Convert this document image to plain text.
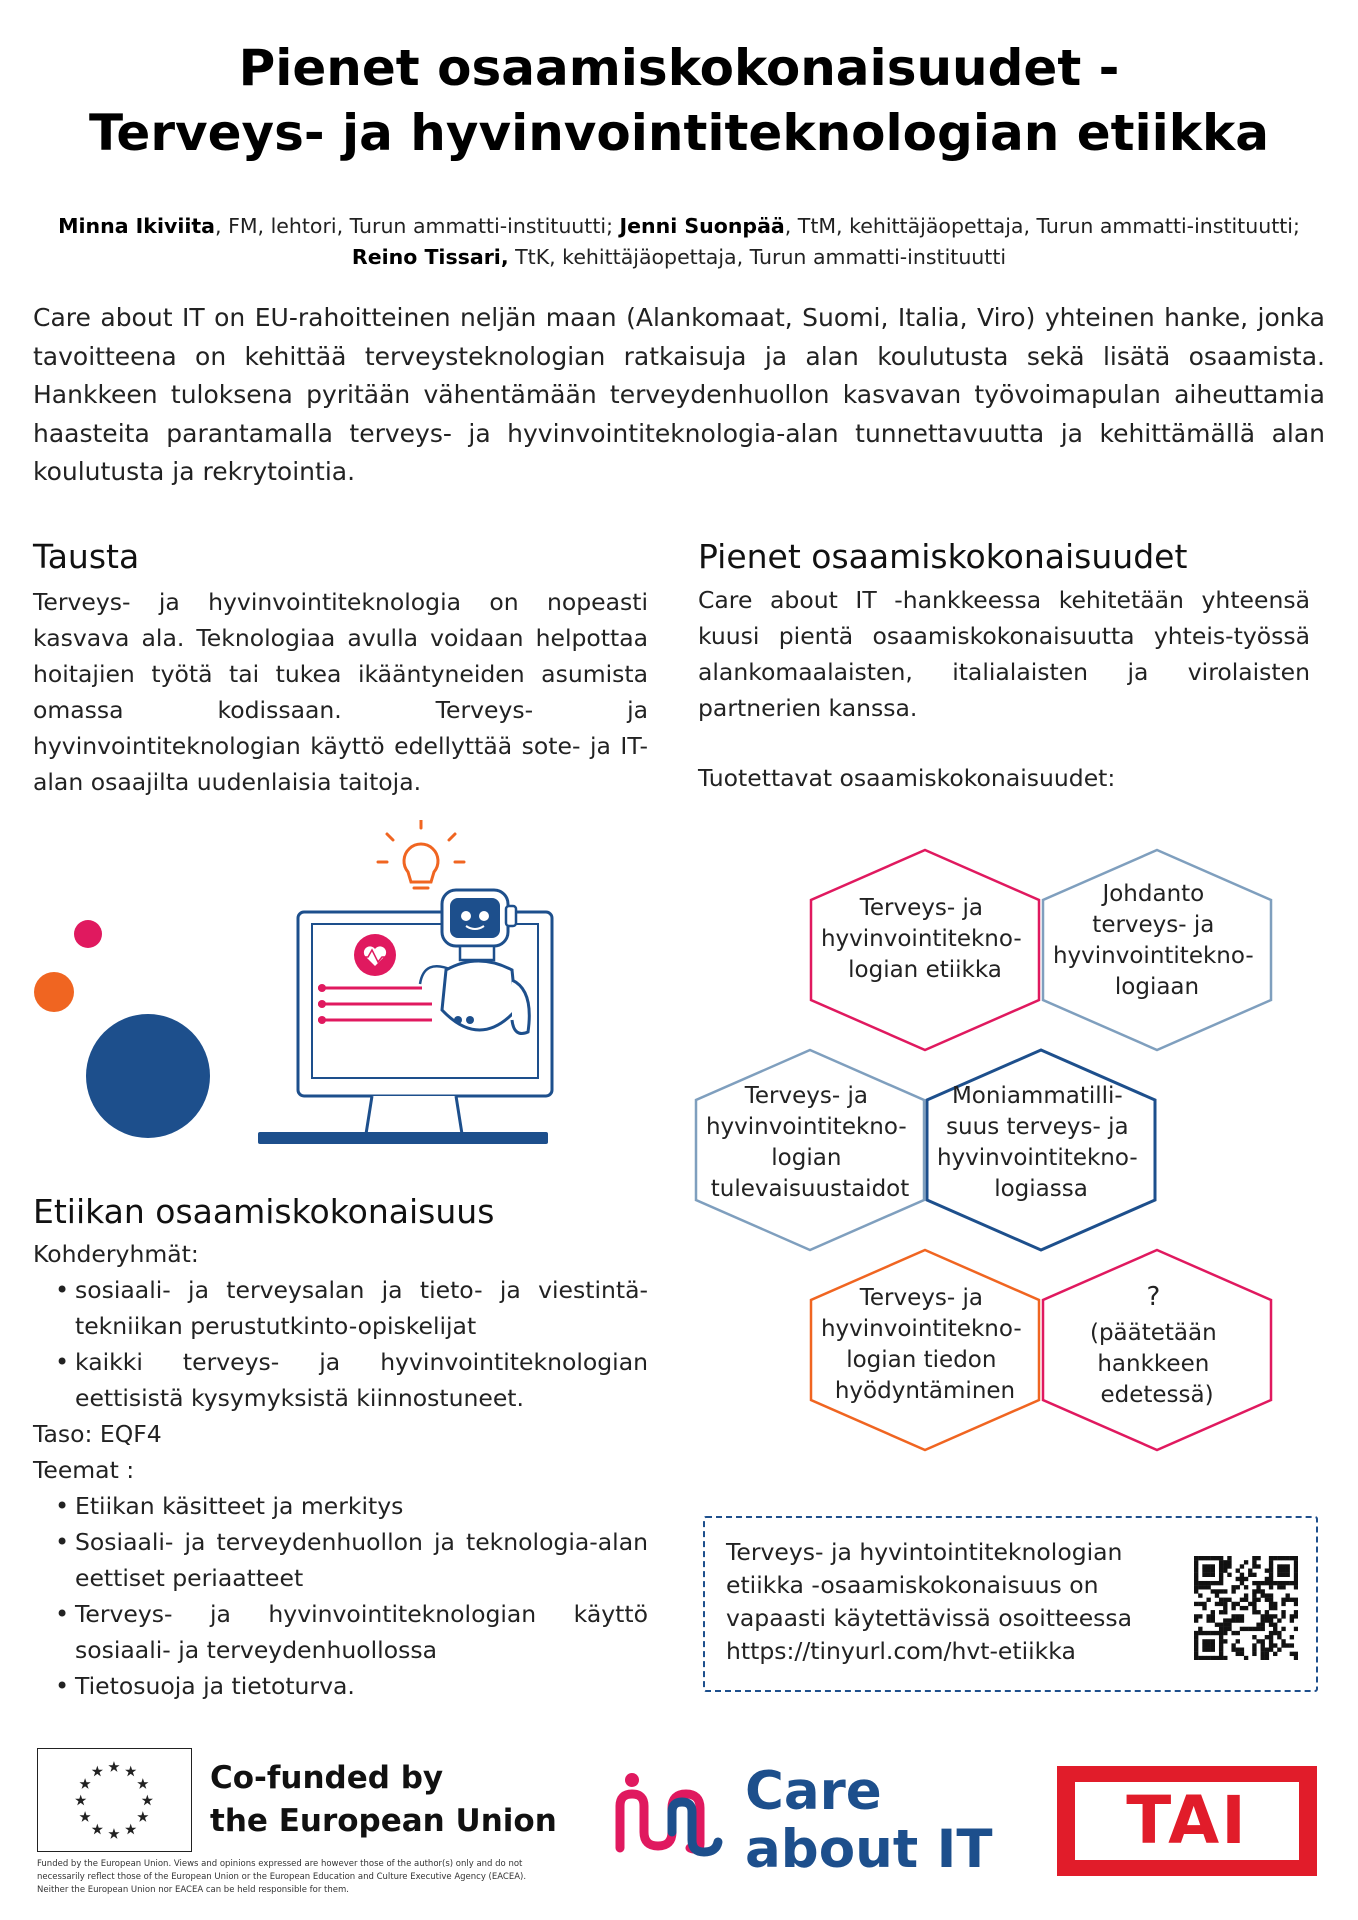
Pienet osaamiskokonaisuudet -
Terveys- ja hyvinvointiteknologian etiikka
Minna Ikiviita, FM, lehtori, Turun ammatti-instituutti; Jenni Suonpää, TtM, kehittäjäopettaja, Turun ammatti-instituutti; Reino Tissari, TtK, kehittäjäopettaja, Turun ammatti-instituutti
Care about IT on EU-rahoitteinen neljän maan (Alankomaat, Suomi, Italia, Viro) yhteinen hanke, jonka tavoitteena on kehittää terveysteknologian ratkaisuja ja alan koulutusta sekä lisätä osaamista. Hankkeen tuloksena pyritään vähentämään terveydenhuollon kasvavan työvoimapulan aiheuttamia haasteita parantamalla terveys- ja hyvinvointiteknologia-alan tunnettavuutta ja kehittämällä alan koulutusta ja rekrytointia.
Tausta
Terveys- ja hyvinvointiteknologia on nopeasti kasvava ala. Teknologiaa avulla voidaan helpottaa hoitajien työtä tai tukea ikääntyneiden asumista omassa kodissaan. Terveys- ja hyvinvointiteknologian käyttö edellyttää sote- ja IT-alan osaajilta uudenlaisia taitoja.
Etiikan osaamiskokonaisuus
Kohderyhmät:
• sosiaali- ja terveysalan ja tieto- ja viestintä-tekniikan perustutkinto-opiskelijat
• kaikki terveys- ja hyvinvointiteknologian eettisistä kysymyksistä kiinnostuneet.
Taso: EQF4
Teemat :
• Etiikan käsitteet ja merkitys
• Sosiaali- ja terveydenhuollon ja teknologia-alan eettiset periaatteet
• Terveys- ja hyvinvointiteknologian käyttö sosiaali- ja terveydenhuollossa
• Tietosuoja ja tietoturva.
Pienet osaamiskokonaisuudet
Care about IT -hankkeessa kehitetään yhteensä kuusi pientä osaamiskokonaisuutta yhteis-työssä alankomaalaisten, italialaisten ja virolaisten partnerien kanssa.
Tuotettavat osaamiskokonaisuudet:
Terveys- ja hyvinvointitekno- logian etiikka
Johdanto terveys- ja hyvinvointitekno- logiaan
Terveys- ja hyvinvointitekno- logian tulevaisuustaidot
Moniammatilli- suus terveys- ja hyvinvointitekno- logiassa
Terveys- ja hyvinvointitekno- logian tiedon hyödyntäminen
? (päätetään hankkeen edetessä)
Terveys- ja hyvintointiteknologian
etiikka -osaamiskokonaisuus on
vapaasti käytettävissä osoitteessa
https://tinyurl.com/hvt-etiikka
★
★
★
★
★
★
★
★
★ ★ ★
★ Co-funded by
the European Union
Funded by the European Union. Views and opinions expressed are however those of the author(s) only and do not necessarily reflect those of the European Union or the European Education and Culture Executive Agency (EACEA). Neither the European Union nor EACEA can be held responsible for them.
Care
about IT	TAI
